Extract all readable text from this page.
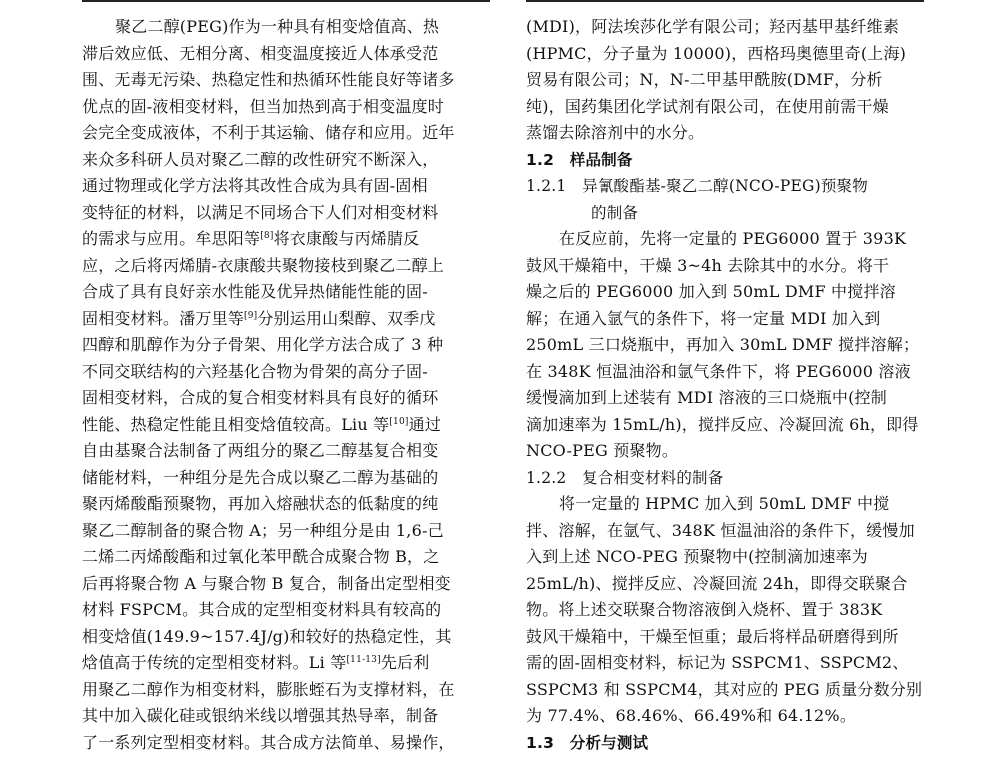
聚乙二醇(PEG)作为一种具有相变焓值高、热
滞后效应低、无相分离、相变温度接近人体承受范
围、无毒无污染、热稳定性和热循环性能良好等诸多
优点的固-液相变材料，但当加热到高于相变温度时
会完全变成液体，不利于其运输、储存和应用。近年
来众多科研人员对聚乙二醇的改性研究不断深入，
通过物理或化学方法将其改性合成为具有固-固相
变特征的材料，以满足不同场合下人们对相变材料
的需求与应用。牟思阳等[8]将衣康酸与丙烯腈反
应，之后将丙烯腈-衣康酸共聚物接枝到聚乙二醇上
合成了具有良好亲水性能及优异热储能性能的固-
固相变材料。潘万里等[9]分别运用山梨醇、双季戊
四醇和肌醇作为分子骨架、用化学方法合成了 3 种
不同交联结构的六羟基化合物为骨架的高分子固-
固相变材料，合成的复合相变材料具有良好的循环
性能、热稳定性能且相变焓值较高。Liu 等[10]通过
自由基聚合法制备了两组分的聚乙二醇基复合相变
储能材料，一种组分是先合成以聚乙二醇为基础的
聚丙烯酸酯预聚物，再加入熔融状态的低黏度的纯
聚乙二醇制备的聚合物 A；另一种组分是由 1,6-己
二烯二丙烯酸酯和过氧化苯甲酰合成聚合物 B，之
后再将聚合物 A 与聚合物 B 复合，制备出定型相变
材料 FSPCM。其合成的定型相变材料具有较高的
相变焓值(149.9~157.4J/g)和较好的热稳定性，其
焓值高于传统的定型相变材料。Li 等[11-13]先后利
用聚乙二醇作为相变材料，膨胀蛭石为支撑材料，在
其中加入碳化硅或银纳米线以增强其热导率，制备
了一系列定型相变材料。其合成方法简单、易操作，
(MDI)，阿法埃莎化学有限公司；羟丙基甲基纤维素
(HPMC，分子量为 10000)，西格玛奥德里奇(上海)
贸易有限公司；N，N-二甲基甲酰胺(DMF，分析
纯)，国药集团化学试剂有限公司，在使用前需干燥
蒸馏去除溶剂中的水分。
1.2　样品制备
1.2.1　异氰酸酯基-聚乙二醇(NCO-PEG)预聚物
的制备
在反应前，先将一定量的 PEG6000 置于 393K
鼓风干燥箱中，干燥 3~4h 去除其中的水分。将干
燥之后的 PEG6000 加入到 50mL DMF 中搅拌溶
解；在通入氩气的条件下，将一定量 MDI 加入到
250mL 三口烧瓶中，再加入 30mL DMF 搅拌溶解；
在 348K 恒温油浴和氩气条件下，将 PEG6000 溶液
缓慢滴加到上述装有 MDI 溶液的三口烧瓶中(控制
滴加速率为 15mL/h)，搅拌反应、冷凝回流 6h，即得
NCO-PEG 预聚物。
1.2.2　复合相变材料的制备
将一定量的 HPMC 加入到 50mL DMF 中搅
拌、溶解，在氩气、348K 恒温油浴的条件下，缓慢加
入到上述 NCO-PEG 预聚物中(控制滴加速率为
25mL/h)、搅拌反应、冷凝回流 24h，即得交联聚合
物。将上述交联聚合物溶液倒入烧杯、置于 383K
鼓风干燥箱中，干燥至恒重；最后将样品研磨得到所
需的固-固相变材料，标记为 SSPCM1、SSPCM2、
SSPCM3 和 SSPCM4，其对应的 PEG 质量分数分别
为 77.4%、68.46%、66.49%和 64.12%。
1.3　分析与测试
